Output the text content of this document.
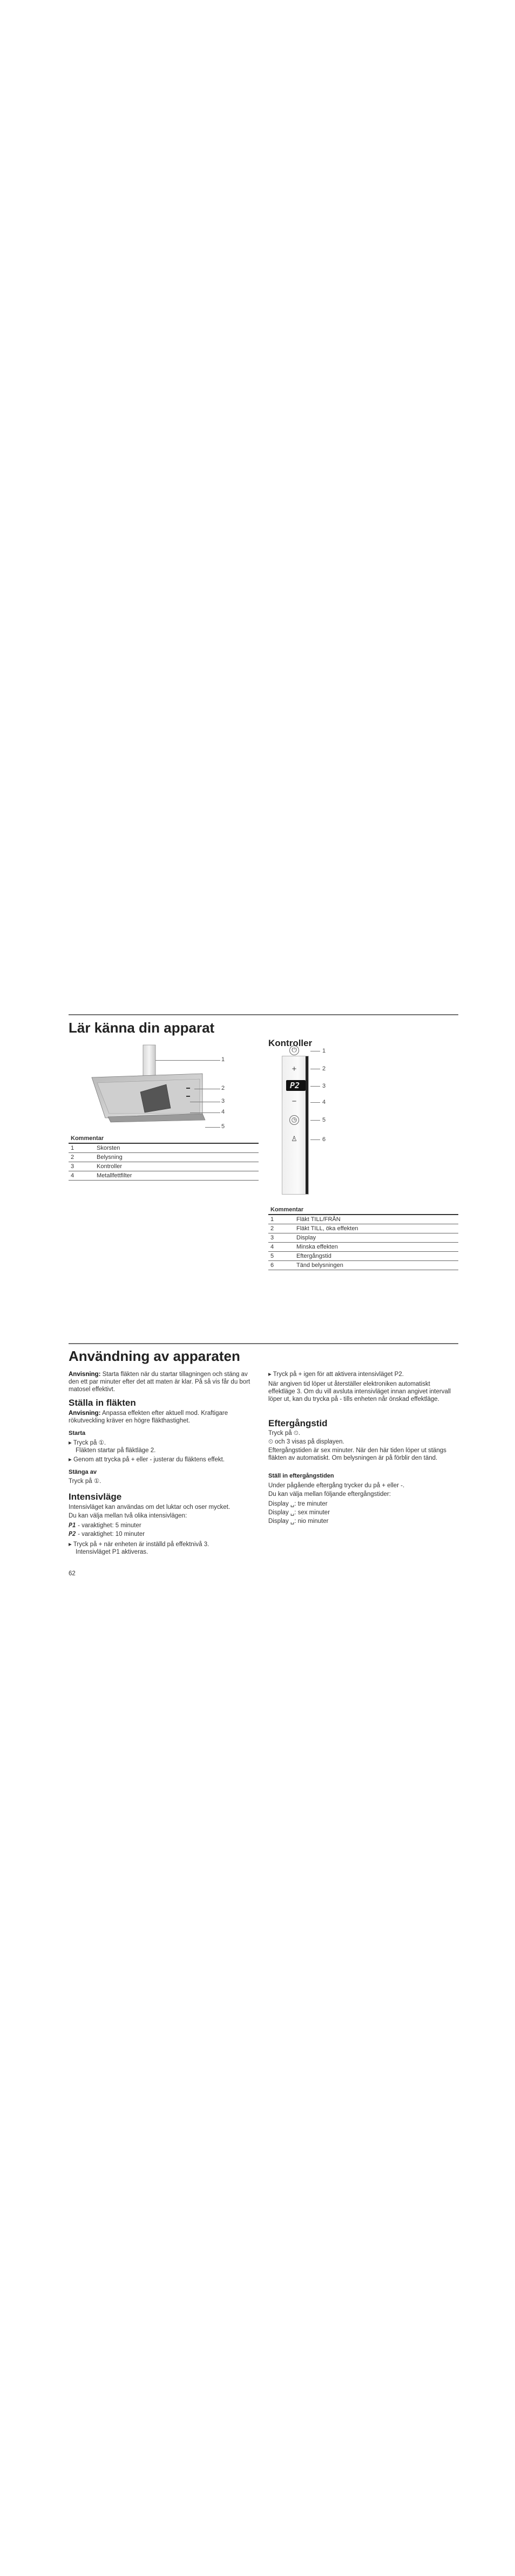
Lär känna din apparat
1
2
3
4
5
Kommentar	
1	Skorsten
2	Belysning
3	Kontroller
4	Metallfettfilter
Kontroller
⏻
+
P2
−
◷
♙
1
2
3
4
5
6
Kommentar	
1	Fläkt TILL/FRÅN
2	Fläkt TILL, öka effekten
3	Display
4	Minska effekten
5	Eftergångstid
6	Tänd belysningen
Användning av apparaten
Anvisning: Starta fläkten när du startar tillagningen och stäng av den ett par minuter efter det att maten är klar. På så vis får du bort matosel effektivt.
Ställa in fläkten
Anvisning: Anpassa effekten efter aktuell mod. Kraftigare rökutveckling kräver en högre fläkthastighet.
Starta
▸ Tryck på ①.
Fläkten startar på fläktläge 2.
▸ Genom att trycka på + eller - justerar du fläktens effekt.
Stänga av
Tryck på ①.
Intensivläge
Intensivläget kan användas om det luktar och oser mycket.
Du kan välja mellan två olika intensivlägen:
P1 - varaktighet: 5 minuter
P2 - varaktighet: 10 minuter
▸ Tryck på + när enheten är inställd på effektnivå 3.
Intensivläget P1 aktiveras.
▸ Tryck på + igen för att aktivera intensivläget P2.
När angiven tid löper ut återställer elektroniken automatiskt effektläge 3. Om du vill avsluta intensivläget innan angivet intervall löper ut, kan du trycka på - tills enheten når önskad effektläge.
Eftergångstid
Tryck på ⏲.
⏲ och 3 visas på displayen.
Eftergångstiden är sex minuter. När den här tiden löper ut stängs fläkten av automatiskt. Om belysningen är på förblir den tänd.
Ställ in eftergångstiden
Under pågående eftergång trycker du på + eller -.
Du kan välja mellan följande eftergångstider:
Display ␣: tre minuter
Display ␣: sex minuter
Display ␣: nio minuter
62
